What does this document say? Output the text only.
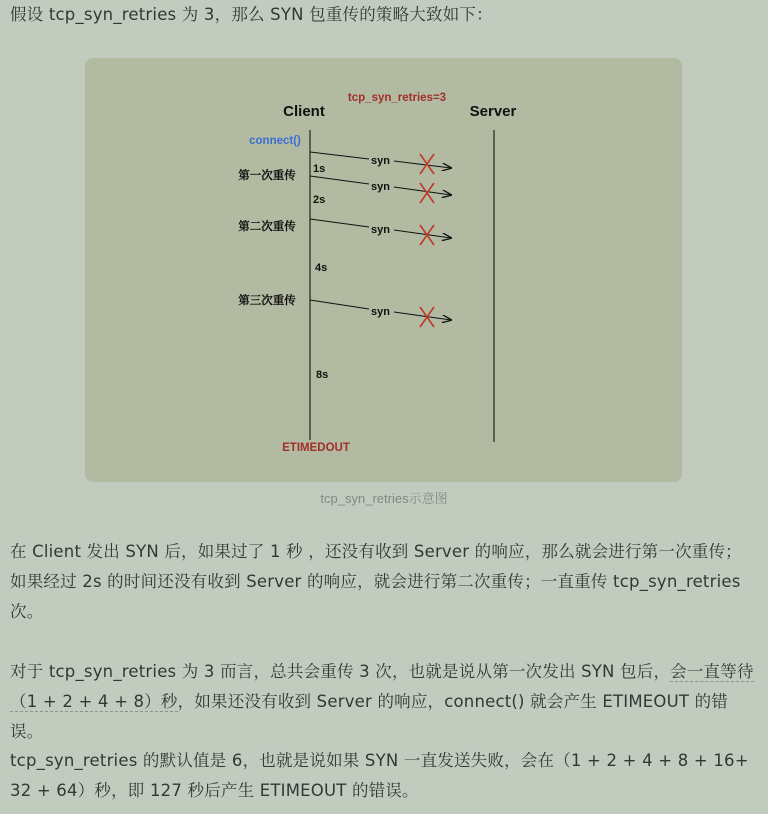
假设 tcp_syn_retries 为 3，那么 SYN 包重传的策略大致如下：

tcp_syn_retries=3
Client	Server
connect()
第一次重传
第二次重传
第三次重传
1s
2s
4s
8s
syn
syn
syn
syn
ETIMEDOUT
tcp_syn_retries示意图

在 Client 发出 SYN 后，如果过了 1 秒 ，还没有收到 Server 的响应，那么就会进行第一次重传；如果经过 2s 的时间还没有收到 Server 的响应，就会进行第二次重传；一直重传 tcp_syn_retries 次。

对于 tcp_syn_retries 为 3 而言，总共会重传 3 次，也就是说从第一次发出 SYN 包后，会一直等待（1 + 2 + 4 + 8）秒，如果还没有收到 Server 的响应，connect() 就会产生 ETIMEOUT 的错误。

tcp_syn_retries 的默认值是 6，也就是说如果 SYN 一直发送失败，会在（1 + 2 + 4 + 8 + 16+ 32 + 64）秒，即 127 秒后产生 ETIMEOUT 的错误。
